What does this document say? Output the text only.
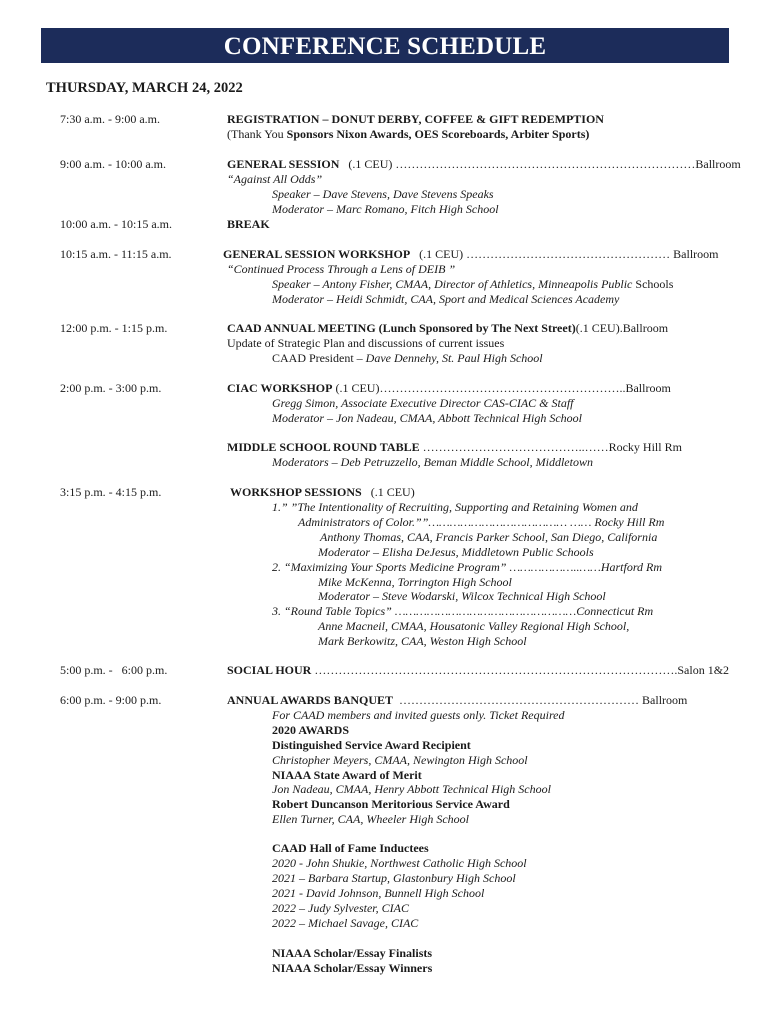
CONFERENCE SCHEDULE
THURSDAY, MARCH 24, 2022
7:30 a.m. - 9:00 a.m.	REGISTRATION – DONUT DERBY, COFFEE & GIFT REDEMPTION
(Thank You Sponsors Nixon Awards, OES Scoreboards, Arbiter Sports)
9:00 a.m. - 10:00 a.m.	GENERAL SESSION   (.1 CEU) …………………………………………………………………Ballroom
“Against All Odds”
Speaker – Dave Stevens, Dave Stevens Speaks
Moderator – Marc Romano, Fitch High School
10:00 a.m. - 10:15 a.m.	BREAK
10:15 a.m. - 11:15 a.m.	GENERAL SESSION WORKSHOP   (.1 CEU) …………………………………………… Ballroom
“Continued Process Through a Lens of DEIB ”
Speaker – Antony Fisher, CMAA, Director of Athletics, Minneapolis Public Schools
Moderator – Heidi Schmidt, CAA, Sport and Medical Sciences Academy
12:00 p.m. - 1:15 p.m.	CAAD ANNUAL MEETING (Lunch Sponsored by The Next Street)(.1 CEU).Ballroom
Update of Strategic Plan and discussions of current issues
CAAD President – Dave Dennehy, St. Paul High School
2:00 p.m. - 3:00 p.m.	CIAC WORKSHOP (.1 CEU)……………………………………………………..Ballroom
Gregg Simon, Associate Executive Director CAS-CIAC & Staff
Moderator – Jon Nadeau, CMAA, Abbott Technical High School
MIDDLE SCHOOL ROUND TABLE …………………………………..……Rocky Hill Rm
Moderators – Deb Petruzzello, Beman Middle School, Middletown
3:15 p.m. - 4:15 p.m.	WORKSHOP SESSIONS   (.1 CEU)
1.” ”The Intentionality of Recruiting, Supporting and Retaining Women and
Administrators of Color.””………………………………… …… Rocky Hill Rm
Anthony Thomas, CAA, Francis Parker School, San Diego, California
Moderator – Elisha DeJesus, Middletown Public Schools
2. “Maximizing Your Sports Medicine Program” ………………..……Hartford Rm
Mike McKenna, Torrington High School
Moderator – Steve Wodarski, Wilcox Technical High School
3. “Round Table Topics” ……………………………………………Connecticut Rm
Anne Macneil, CMAA, Housatonic Valley Regional High School,
Mark Berkowitz, CAA, Weston High School
5:00 p.m. -   6:00 p.m.	SOCIAL HOUR ……………………………………………………………………………….Salon 1&2
6:00 p.m. - 9:00 p.m.	ANNUAL AWARDS BANQUET  …………………………………………………… Ballroom
For CAAD members and invited guests only. Ticket Required
2020 AWARDS
Distinguished Service Award Recipient
Christopher Meyers, CMAA, Newington High School
NIAAA State Award of Merit
Jon Nadeau, CMAA, Henry Abbott Technical High School
Robert Duncanson Meritorious Service Award
Ellen Turner, CAA, Wheeler High School
CAAD Hall of Fame Inductees
2020 - John Shukie, Northwest Catholic High School
2021 – Barbara Startup, Glastonbury High School
2021 - David Johnson, Bunnell High School
2022 – Judy Sylvester, CIAC
2022 – Michael Savage, CIAC
NIAAA Scholar/Essay Finalists
NIAAA Scholar/Essay Winners
